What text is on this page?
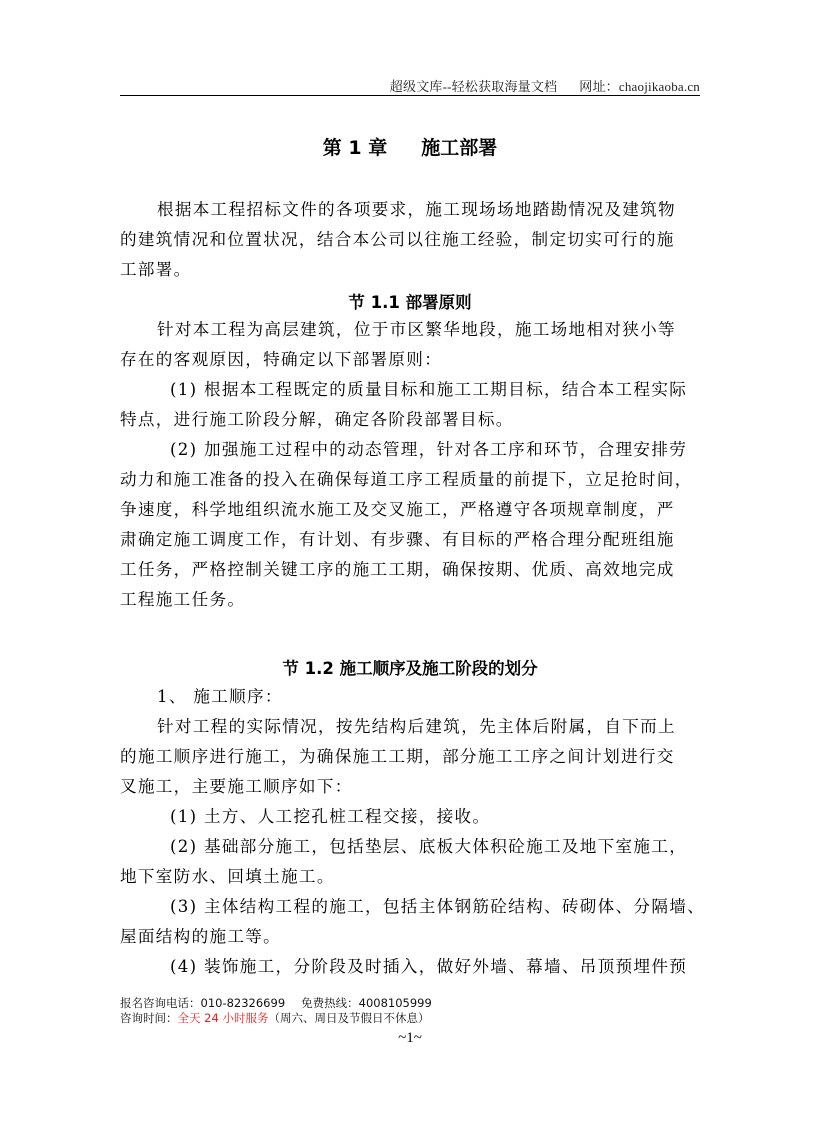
超级文库--轻松获取海量文档 网址：chaojikaoba.cn
第 1 章 施工部署
根据本工程招标文件的各项要求，施工现场场地踏勘情况及建筑物
的建筑情况和位置状况，结合本公司以往施工经验，制定切实可行的施
工部署。
节 1.1 部署原则
针对本工程为高层建筑，位于市区繁华地段，施工场地相对狭小等
存在的客观原因，特确定以下部署原则：
(1) 根据本工程既定的质量目标和施工工期目标，结合本工程实际
特点，进行施工阶段分解，确定各阶段部署目标。
(2) 加强施工过程中的动态管理，针对各工序和环节，合理安排劳
动力和施工准备的投入在确保每道工序工程质量的前提下，立足抢时间，
争速度，科学地组织流水施工及交叉施工，严格遵守各项规章制度，严
肃确定施工调度工作，有计划、有步骤、有目标的严格合理分配班组施
工任务，严格控制关键工序的施工工期，确保按期、优质、高效地完成
工程施工任务。
节 1.2 施工顺序及施工阶段的划分
1、 施工顺序：
针对工程的实际情况，按先结构后建筑，先主体后附属，自下而上
的施工顺序进行施工，为确保施工工期，部分施工工序之间计划进行交
叉施工，主要施工顺序如下：
(1) 土方、人工挖孔桩工程交接，接收。
(2) 基础部分施工，包括垫层、底板大体积砼施工及地下室施工，
地下室防水、回填土施工。
(3) 主体结构工程的施工，包括主体钢筋砼结构、砖砌体、分隔墙、
屋面结构的施工等。
(4) 装饰施工，分阶段及时插入，做好外墙、幕墙、吊顶预埋件预
报名咨询电话：010-82326699 免费热线：4008105999
咨询时间：全天 24 小时服务（周六、周日及节假日不休息）
~1~
